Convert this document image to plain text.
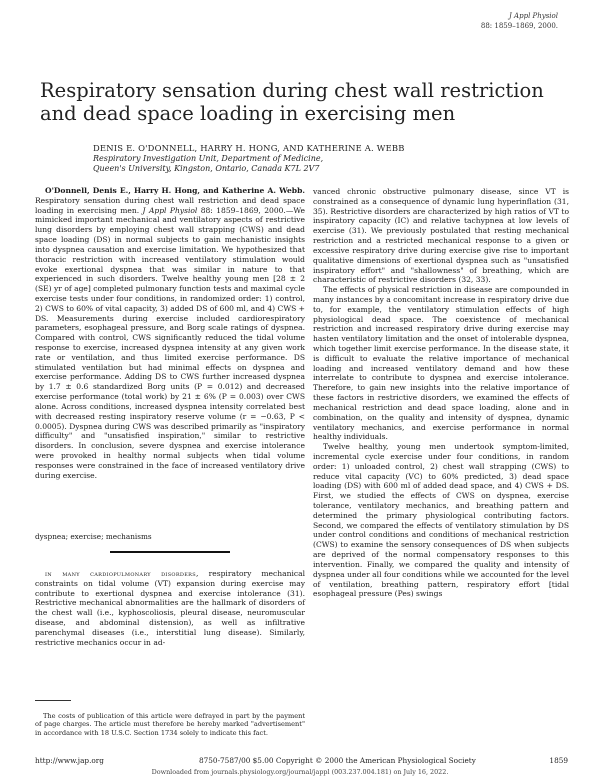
J Appl Physiol
88: 1859–1869, 2000.
Respiratory sensation during chest wall restriction and dead space loading in exercising men
DENIS E. O'DONNELL, HARRY H. HONG, AND KATHERINE A. WEBB
Respiratory Investigation Unit, Department of Medicine,
Queen's University, Kingston, Ontario, Canada K7L 2V7

O'Donnell, Denis E., Harry H. Hong, and Katherine A. Webb. Respiratory sensation during chest wall restriction and dead space loading in exercising men. J Appl Physiol 88: 1859–1869, 2000.—We mimicked important mechanical and ventilatory aspects of restrictive lung disorders by employing chest wall strapping (CWS) and dead space loading (DS) in normal subjects to gain mechanistic insights into dyspnea causation and exercise limitation. We hypothesized that thoracic restriction with increased ventilatory stimulation would evoke exertional dyspnea that was similar in nature to that experienced in such disorders. Twelve healthy young men [28 ± 2 (SE) yr of age] completed pulmonary function tests and maximal cycle exercise tests under four conditions, in randomized order: 1) control, 2) CWS to 60% of vital capacity, 3) added DS of 600 ml, and 4) CWS + DS. Measurements during exercise included cardiorespiratory parameters, esophageal pressure, and Borg scale ratings of dyspnea. Compared with control, CWS significantly reduced the tidal volume response to exercise, increased dyspnea intensity at any given work rate or ventilation, and thus limited exercise performance. DS stimulated ventilation but had minimal effects on dyspnea and exercise performance. Adding DS to CWS further increased dyspnea by 1.7 ± 0.6 standardized Borg units (P = 0.012) and decreased exercise performance (total work) by 21 ± 6% (P = 0.003) over CWS alone. Across conditions, increased dyspnea intensity correlated best with decreased resting inspiratory reserve volume (r = −0.63, P < 0.0005). Dyspnea during CWS was described primarily as "inspiratory difficulty" and "unsatisfied inspiration," similar to restrictive disorders. In conclusion, severe dyspnea and exercise intolerance were provoked in healthy normal subjects when tidal volume responses were constrained in the face of increased ventilatory drive during exercise.

dyspnea; exercise; mechanisms

in many cardiopulmonary disorders, respiratory mechanical constraints on tidal volume (VT) expansion during exercise may contribute to exertional dyspnea and exercise intolerance (31). Restrictive mechanical abnormalities are the hallmark of disorders of the chest wall (i.e., kyphoscoliosis, pleural disease, neuromuscular disease, and abdominal distension), as well as infiltrative parenchymal diseases (i.e., interstitial lung disease). Similarly, restrictive mechanics occur in ad-

vanced chronic obstructive pulmonary disease, since VT is constrained as a consequence of dynamic lung hyperinflation (31, 35). Restrictive disorders are characterized by high ratios of VT to inspiratory capacity (IC) and relative tachypnea at low levels of exercise (31). We previously postulated that resting mechanical restriction and a restricted mechanical response to a given or excessive respiratory drive during exercise give rise to important qualitative dimensions of exertional dyspnea such as "unsatisfied inspiratory effort" and "shallowness" of breathing, which are characteristic of restrictive disorders (32, 33).

The effects of physical restriction in disease are compounded in many instances by a concomitant increase in respiratory drive due to, for example, the ventilatory stimulation effects of high physiological dead space. The coexistence of mechanical restriction and increased respiratory drive during exercise may hasten ventilatory limitation and the onset of intolerable dyspnea, which together limit exercise performance. In the disease state, it is difficult to evaluate the relative importance of mechanical loading and increased ventilatory demand and how these interrelate to contribute to dyspnea and exercise intolerance. Therefore, to gain new insights into the relative importance of these factors in restrictive disorders, we examined the effects of mechanical restriction and dead space loading, alone and in combination, on the quality and intensity of dyspnea, dynamic ventilatory mechanics, and exercise performance in normal healthy individuals.

Twelve healthy, young men undertook symptom-limited, incremental cycle exercise under four conditions, in random order: 1) unloaded control, 2) chest wall strapping (CWS) to reduce vital capacity (VC) to 60% predicted, 3) dead space loading (DS) with 600 ml of added dead space, and 4) CWS + DS. First, we studied the effects of CWS on dyspnea, exercise tolerance, ventilatory mechanics, and breathing pattern and determined the primary physiological contributing factors. Second, we compared the effects of ventilatory stimulation by DS under control conditions and conditions of mechanical restriction (CWS) to examine the sensory consequences of DS when subjects are deprived of the normal compensatory responses to this intervention. Finally, we compared the quality and intensity of dyspnea under all four conditions while we accounted for the level of ventilation, breathing pattern, respiratory effort [tidal esophageal pressure (Pes) swings

The costs of publication of this article were defrayed in part by the payment of page charges. The article must therefore be hereby marked "advertisement" in accordance with 18 U.S.C. Section 1734 solely to indicate this fact.
http://www.jap.org	8750-7587/00 $5.00 Copyright © 2000 the American Physiological Society	1859
Downloaded from journals.physiology.org/journal/jappl (003.237.004.181) on July 16, 2022.
